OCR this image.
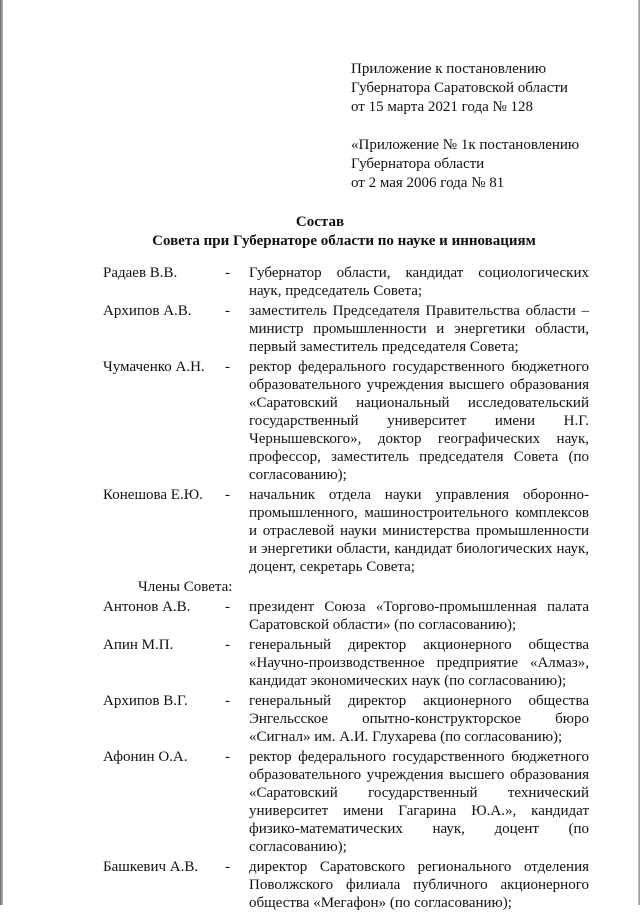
Приложение к постановлению
Губернатора Саратовской области
от 15 марта 2021 года № 128
«Приложение № 1к постановлению
Губернатора области
от 2 мая 2006 года № 81
Состав
Совета при Губернаторе области по науке и инновациям
Радаев В.В.	-	Губернатор области, кандидат социологических наук, председатель Совета;
Архипов А.В.	-	заместитель Председателя Правительства области – министр промышленности и энергетики области, первый заместитель председателя Совета;
Чумаченко А.Н.	-	ректор федерального государственного бюджетного образовательного учреждения высшего образования «Саратовский национальный исследовательский государственный университет имени Н.Г. Чернышевского», доктор географических наук, профессор, заместитель председателя Совета (по согласованию);
Конешова Е.Ю.	-	начальник отдела науки управления оборонно-промышленного, машиностроительного комплексов и отраслевой науки министерства промышленности и энергетики области, кандидат биологических наук, доцент, секретарь Совета;
Члены Совета:
Антонов А.В.	-	президент Союза «Торгово-промышленная палата Саратовской области» (по согласованию);
Апин М.П.	-	генеральный директор акционерного общества «Научно-производственное предприятие «Алмаз», кандидат экономических наук (по согласованию);
Архипов В.Г.	-	генеральный директор акционерного общества Энгельсское опытно-конструкторское бюро «Сигнал» им. А.И. Глухарева (по согласованию);
Афонин О.А.	-	ректор федерального государственного бюджетного образовательного учреждения высшего образования «Саратовский государственный технический университет имени Гагарина Ю.А.», кандидат физико-математических наук, доцент (по согласованию);
Башкевич А.В.	-	директор Саратовского регионального отделения Поволжского филиала публичного акционерного общества «Мегафон» (по согласованию);
